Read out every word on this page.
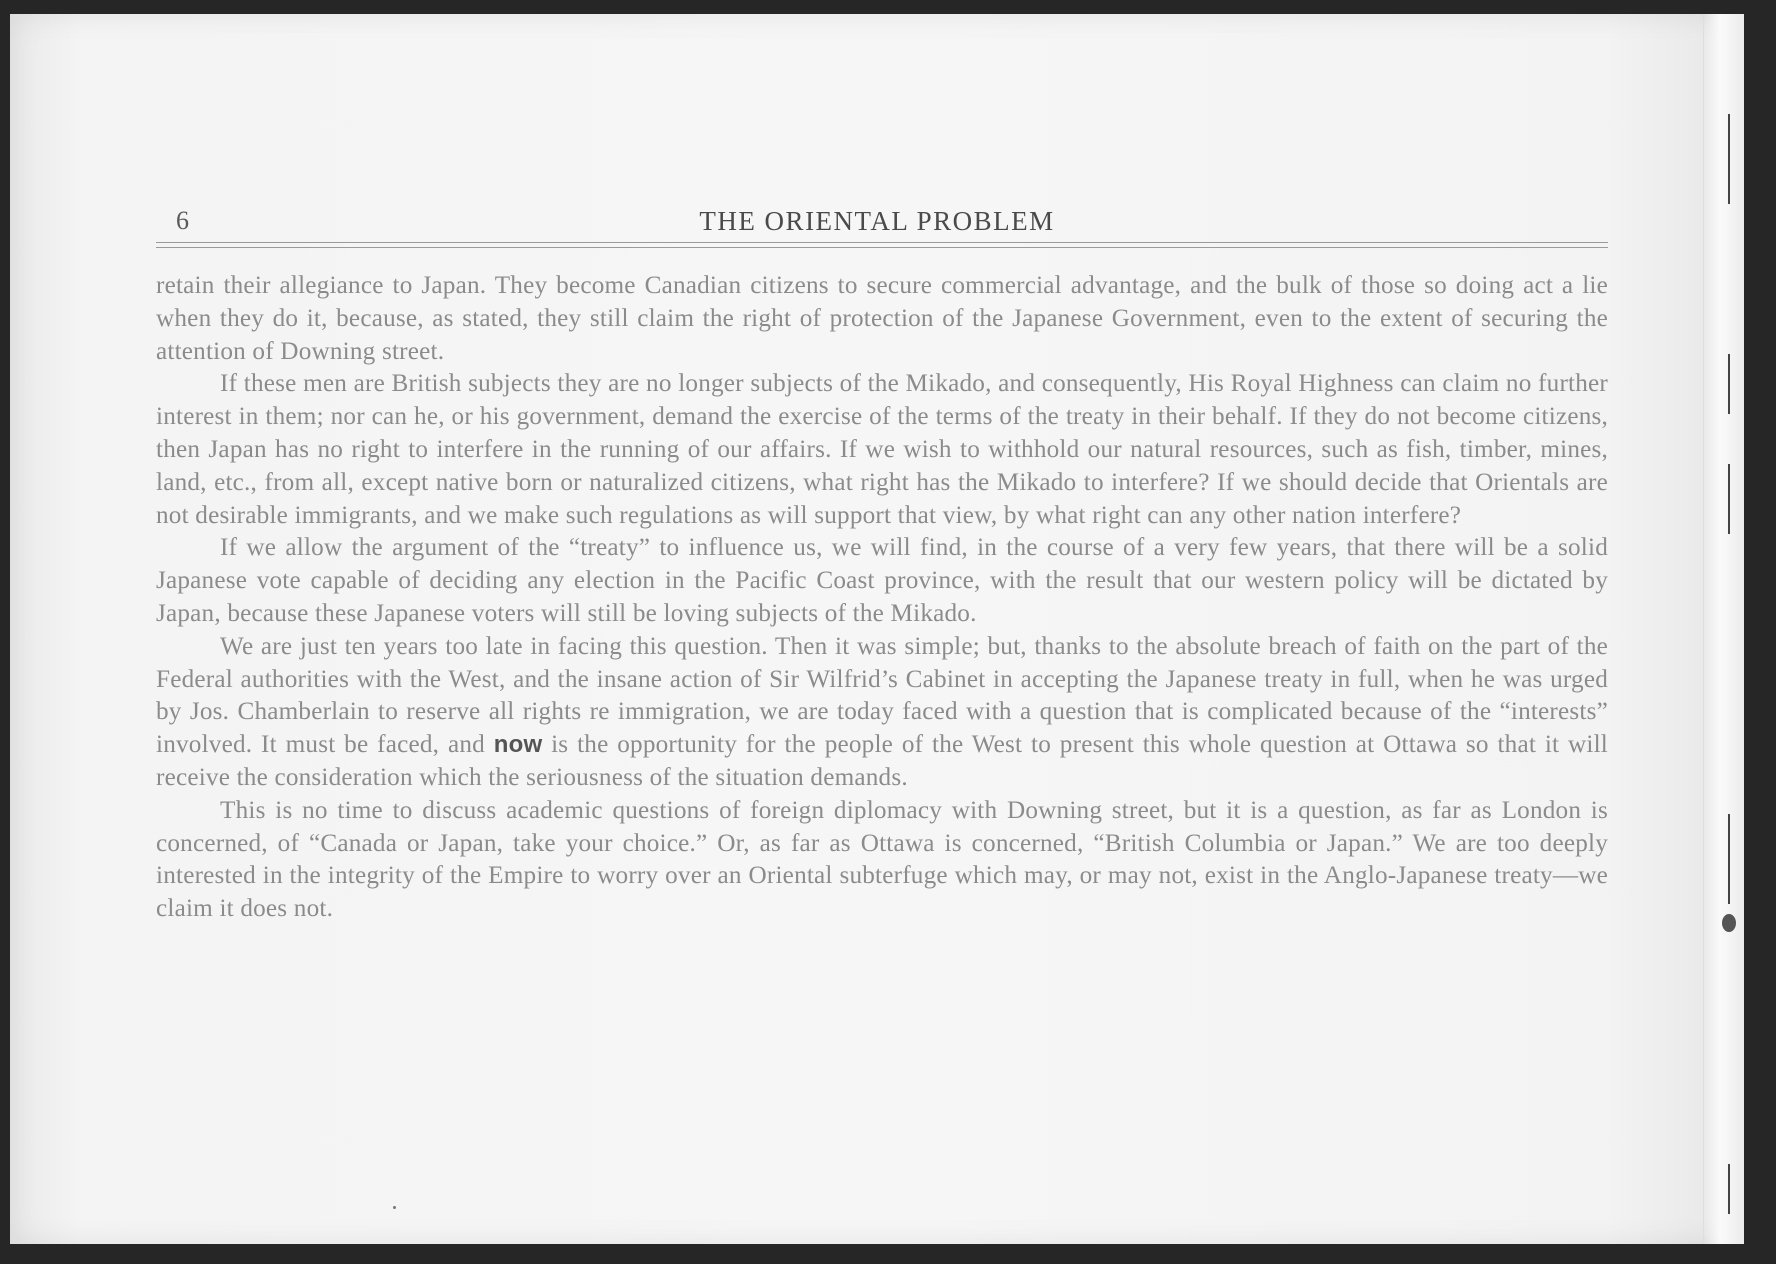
6	THE ORIENTAL PROBLEM

retain their allegiance to Japan. They become Canadian citizens to secure commercial advantage, and the bulk of those so doing act a lie when they do it, because, as stated, they still claim the right of protection of the Japanese Government, even to the extent of securing the attention of Downing street.

If these men are British subjects they are no longer subjects of the Mikado, and consequently, His Royal Highness can claim no further interest in them; nor can he, or his government, demand the exercise of the terms of the treaty in their behalf. If they do not become citizens, then Japan has no right to interfere in the running of our affairs. If we wish to withhold our natural resources, such as fish, timber, mines, land, etc., from all, except native born or naturalized citizens, what right has the Mikado to interfere? If we should decide that Orientals are not desirable immigrants, and we make such regulations as will support that view, by what right can any other nation interfere?

If we allow the argument of the “treaty” to influence us, we will find, in the course of a very few years, that there will be a solid Japanese vote capable of deciding any election in the Pacific Coast province, with the result that our western policy will be dictated by Japan, because these Japanese voters will still be loving subjects of the Mikado.

We are just ten years too late in facing this question. Then it was simple; but, thanks to the absolute breach of faith on the part of the Federal authorities with the West, and the insane action of Sir Wilfrid’s Cabinet in accepting the Japanese treaty in full, when he was urged by Jos. Chamberlain to reserve all rights re immigration, we are today faced with a question that is complicated because of the “interests” involved. It must be faced, and now is the opportunity for the people of the West to present this whole question at Ottawa so that it will receive the consideration which the seriousness of the situation demands.

This is no time to discuss academic questions of foreign diplomacy with Downing street, but it is a question, as far as London is concerned, of “Canada or Japan, take your choice.” Or, as far as Ottawa is concerned, “British Columbia or Japan.” We are too deeply interested in the integrity of the Empire to worry over an Oriental subterfuge which may, or may not, exist in the Anglo-Japanese treaty—we claim it does not.
